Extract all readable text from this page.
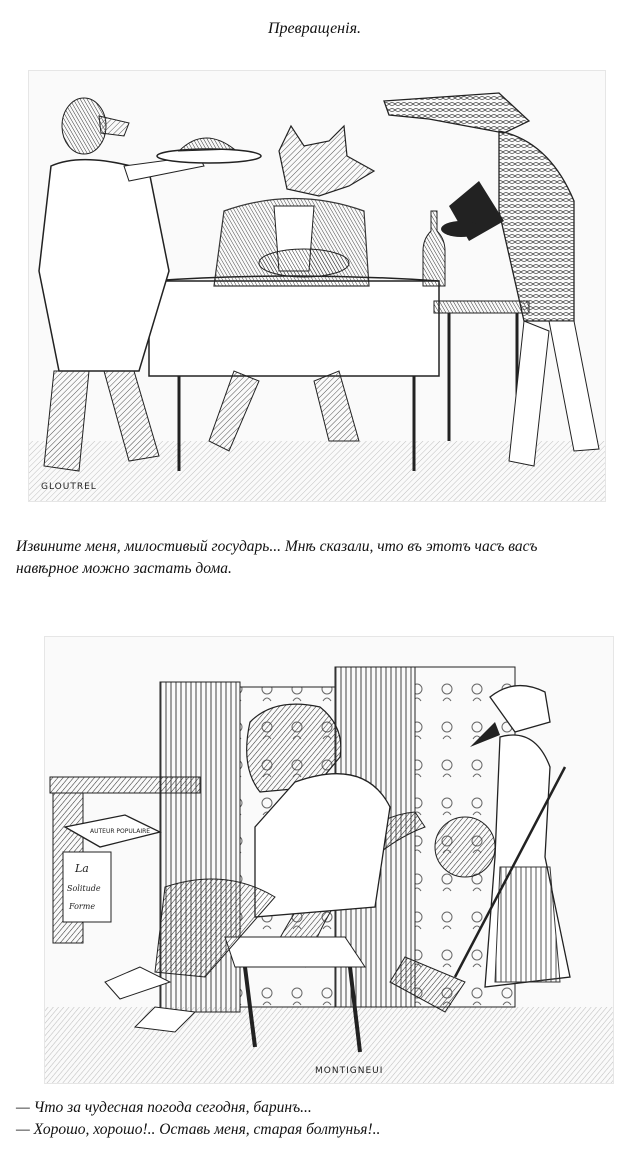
Превращенія.
GLOUTREL

Извините меня, милостивый государь... Мнѣ сказали, что въ этотъ часъ васъ

навѣрное можно застать дома.

AUTEUR POPULAIRE
La
Solitude
Forme
MONTIGNEUI

— Что за чудесная погода сегодня, баринъ...

— Хорошо, хорошо!.. Оставь меня, старая болтунья!..
